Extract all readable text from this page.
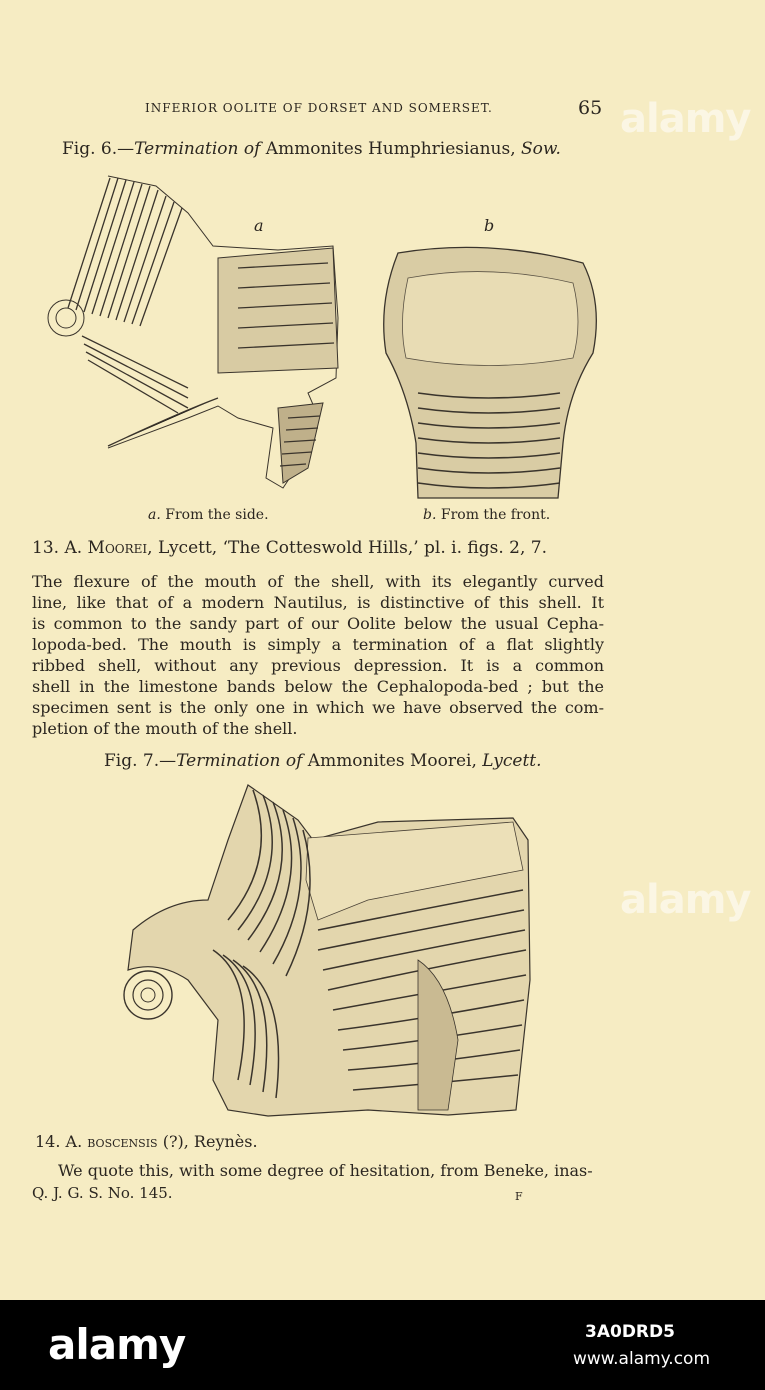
INFERIOR OOLITE OF DORSET AND SOMERSET.	65
Fig. 6.—Termination of Ammonites Humphriesianus, Sow.
a	b
a. From the side.	b. From the front.
13. A. Moorei, Lycett, ‘The Cotteswold Hills,’ pl. i. figs. 2, 7.
The flexure of the mouth of the shell, with its elegantly curved
line, like that of a modern Nautilus, is distinctive of this shell. It
is common to the sandy part of our Oolite below the usual Cepha-
lopoda-bed. The mouth is simply a termination of a flat slightly
ribbed shell, without any previous depression. It is a common
shell in the limestone bands below the Cephalopoda-bed ; but the
specimen sent is the only one in which we have observed the com-
pletion of the mouth of the shell.
Fig. 7.—Termination of Ammonites Moorei, Lycett.
14. A. boscensis (?), Reynès.
We quote this, with some degree of hesitation, from Beneke, inas-
Q. J. G. S. No. 145.	F
alamy
alamy
alamy	3A0DRD5
www.alamy.com
